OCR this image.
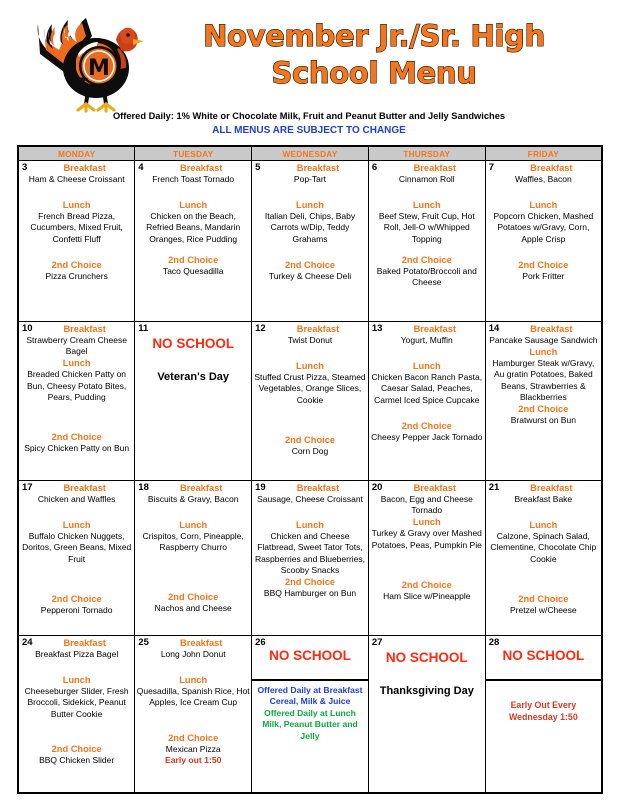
M
November Jr./Sr. High
School Menu
Offered Daily: 1% White or Chocolate Milk, Fruit and Peanut Butter and Jelly Sandwiches
ALL MENUS ARE SUBJECT TO CHANGE
MONDAY	TUESDAY	WEDNESDAY	THURSDAY	FRIDAY

3	Breakfast
Ham & Cheese Croissant
Lunch
French Bread Pizza, Cucumbers, Mixed Fruit, Confetti Fluff
2nd Choice
Pizza Crunchers

4	Breakfast
French Toast Tornado
Lunch
Chicken on the Beach, Refried Beans, Mandarin Oranges, Rice Pudding
2nd Choice
Taco Quesadilla

5	Breakfast
Pop-Tart
Lunch
Italian Deli, Chips, Baby Carrots w/Dip, Teddy Grahams
2nd Choice
Turkey & Cheese Deli

6	Breakfast
Cinnamon Roll
Lunch
Beef Stew, Fruit Cup, Hot Roll, Jell-O w/Whipped Topping
2nd Choice
Baked Potato/Broccoli and Cheese

7	Breakfast
Waffles, Bacon
Lunch
Popcorn Chicken, Mashed Potatoes w/Gravy, Corn, Apple Crisp
2nd Choice
Pork Fritter

10	Breakfast
Strawberry Cream Cheese Bagel
Lunch
Breaded Chicken Patty on Bun, Cheesy Potato Bites, Pears, Pudding
2nd Choice
Spicy Chicken Patty on Bun

11
NO SCHOOL
Veteran's Day

12	Breakfast
Twist Donut
Lunch
Stuffed Crust Pizza, Steamed Vegetables, Orange Slices, Cookie
2nd Choice
Corn Dog

13	Breakfast
Yogurt, Muffin
Lunch
Chicken Bacon Ranch Pasta, Caesar Salad, Peaches, Carmel Iced Spice Cupcake
2nd Choice
Cheesy Pepper Jack Tornado

14	Breakfast
Pancake Sausage Sandwich
Lunch
Hamburger Steak w/Gravy, Au gratin Potatoes, Baked Beans, Strawberries & Blackberries
2nd Choice
Bratwurst on Bun

17	Breakfast
Chicken and Waffles
Lunch
Buffalo Chicken Nuggets, Doritos, Green Beans, Mixed Fruit
2nd Choice
Pepperoni Tornado

18	Breakfast
Biscuits & Gravy, Bacon
Lunch
Crispitos, Corn, Pineapple, Raspberry Churro
2nd Choice
Nachos and Cheese

19	Breakfast
Sausage, Cheese Croissant
Lunch
Chicken and Cheese Flatbread, Sweet Tator Tots, Raspberries and Blueberries, Scooby Snacks
2nd Choice
BBQ Hamburger on Bun

20	Breakfast
Bacon, Egg and Cheese Tornado
Lunch
Turkey & Gravy over Mashed Potatoes, Peas, Pumpkin Pie
2nd Choice
Ham Slice w/Pineapple

21	Breakfast
Breakfast Bake
Lunch
Calzone, Spinach Salad, Clementine, Chocolate Chip Cookie
2nd Choice
Pretzel w/Cheese

24	Breakfast
Breakfast Pizza Bagel
Lunch
Cheeseburger Slider, Fresh Broccoli, Sidekick, Peanut Butter Cookie
2nd Choice
BBQ Chicken Slider

25	Breakfast
Long John Donut
Lunch
Quesadilla, Spanish Rice, Hot Apples, Ice Cream Cup
2nd Choice
Mexican Pizza
Early out 1:50

26
NO SCHOOL
Offered Daily at Breakfast
Cereal, Milk & Juice
Offered Daily at Lunch
Milk, Peanut Butter and
Jelly

27
NO SCHOOL
Thanksgiving Day

28
NO SCHOOL
Early Out Every
Wednesday 1:50
